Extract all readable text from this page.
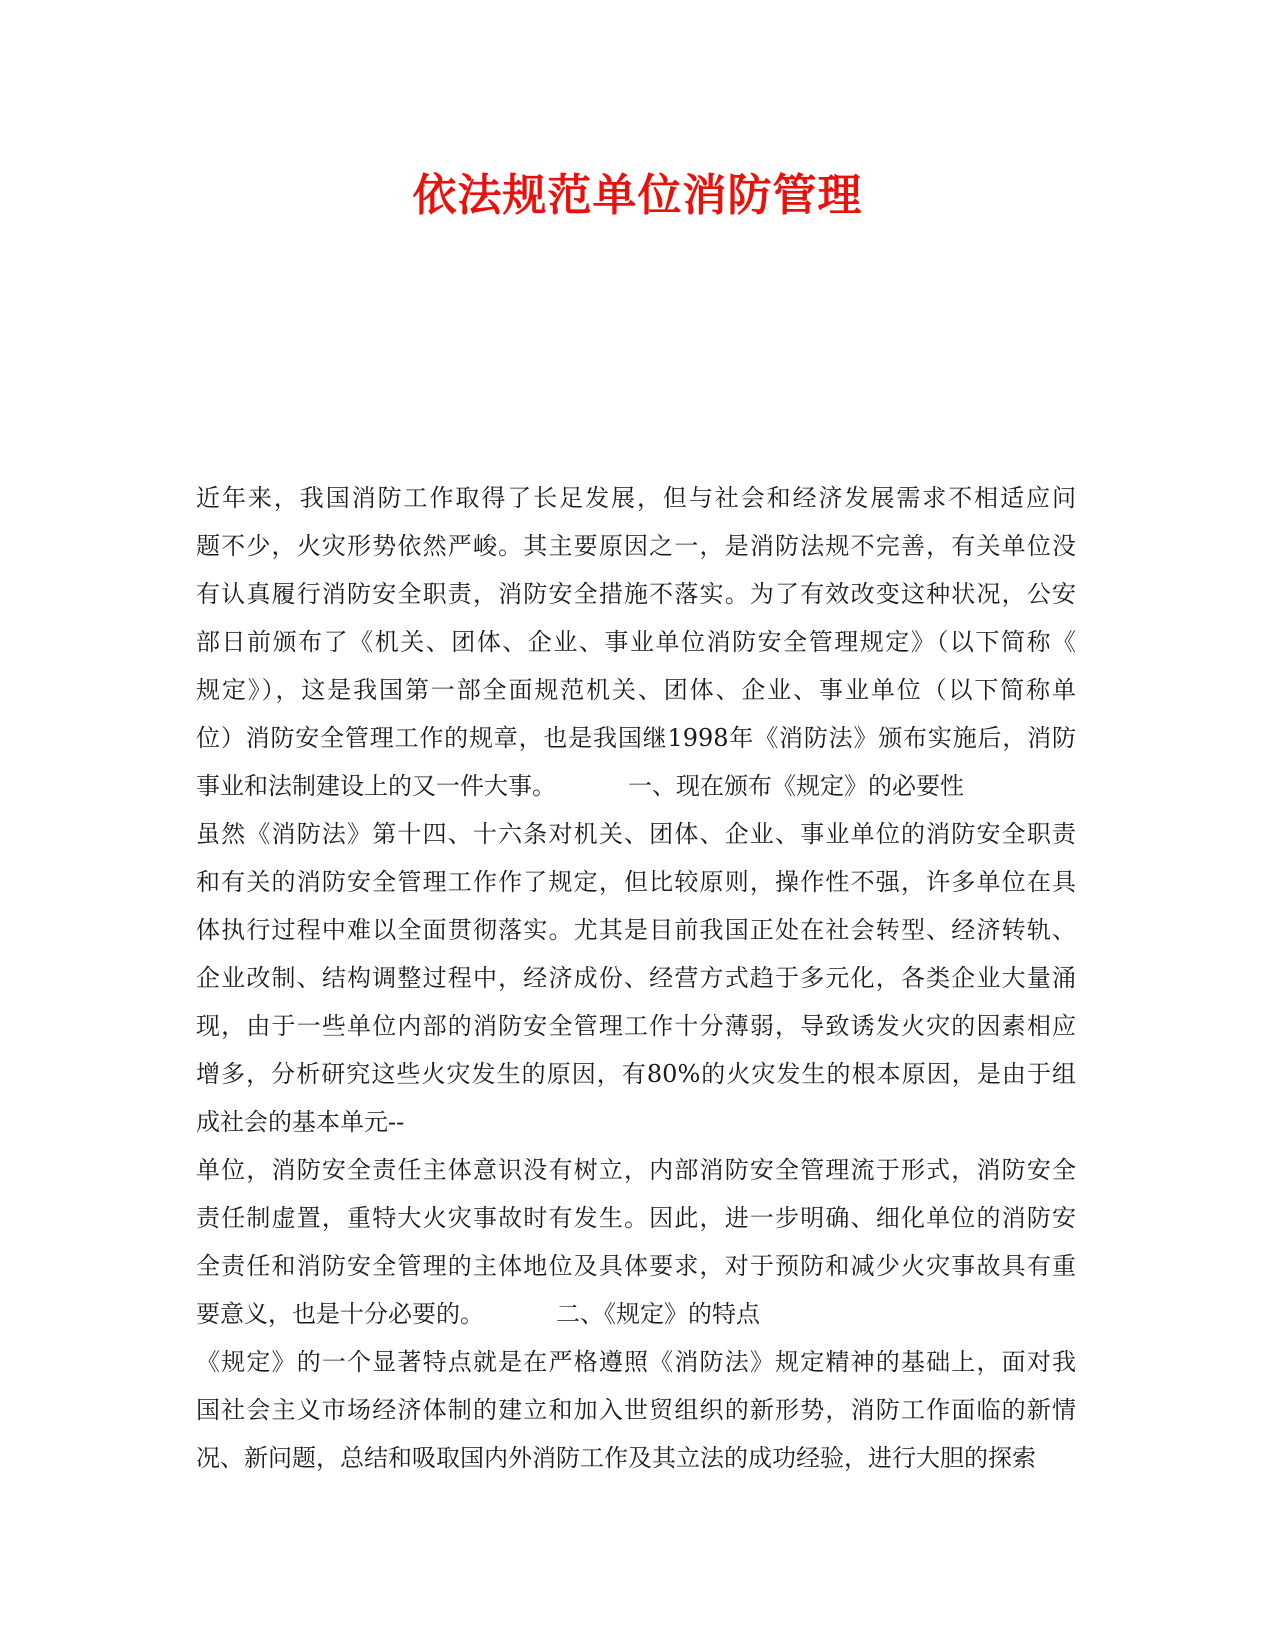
依法规范单位消防管理
近年来，我国消防工作取得了长足发展，但与社会和经济发展需求不相适应问
题不少，火灾形势依然严峻。其主要原因之一，是消防法规不完善，有关单位没
有认真履行消防安全职责，消防安全措施不落实。为了有效改变这种状况，公安
部日前颁布了《机关、团体、企业、事业单位消防安全管理规定》（以下简称《
规定》），这是我国第一部全面规范机关、团体、企业、事业单位（以下简称单
位）消防安全管理工作的规章，也是我国继1998年《消防法》颁布实施后，消防
事业和法制建设上的又一件大事。	一、现在颁布《规定》的必要性
虽然《消防法》第十四、十六条对机关、团体、企业、事业单位的消防安全职责
和有关的消防安全管理工作作了规定，但比较原则，操作性不强，许多单位在具
体执行过程中难以全面贯彻落实。尤其是目前我国正处在社会转型、经济转轨、
企业改制、结构调整过程中，经济成份、经营方式趋于多元化，各类企业大量涌
现，由于一些单位内部的消防安全管理工作十分薄弱，导致诱发火灾的因素相应
增多，分析研究这些火灾发生的原因，有80%的火灾发生的根本原因，是由于组
成社会的基本单元--
单位，消防安全责任主体意识没有树立，内部消防安全管理流于形式，消防安全
责任制虚置，重特大火灾事故时有发生。因此，进一步明确、细化单位的消防安
全责任和消防安全管理的主体地位及具体要求，对于预防和减少火灾事故具有重
要意义，也是十分必要的。	二、《规定》的特点
《规定》的一个显著特点就是在严格遵照《消防法》规定精神的基础上，面对我
国社会主义市场经济体制的建立和加入世贸组织的新形势，消防工作面临的新情
况、新问题，总结和吸取国内外消防工作及其立法的成功经验，进行大胆的探索
